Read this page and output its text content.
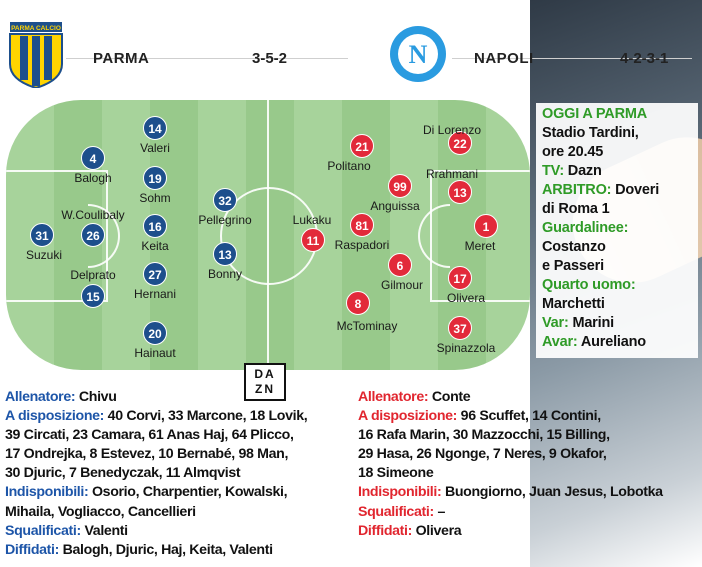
PARMA CALCIO
PARMA	3-5-2	N	NAPOLI	4-2-3-1
31
Suzuki
4
Balogh
26
W.Coulibaly
15
Delprato
14
Valeri
19
Sohm
16
Keita
27
Hernani
20
Hainaut
32
Pellegrino
13
Bonny
1
Meret
22
Di Lorenzo
13
Rrahmani
17
Olivera
37
Spinazzola
99
Anguissa
6
Gilmour
21
Politano
81
Raspadori
8
McTominay
11
Lukaku
DA
ZN
OGGI A PARMA
Stadio Tardini,
ore 20.45
TV: Dazn
ARBITRO: Doveri
di Roma 1
Guardalinee:
Costanzo
e Passeri
Quarto uomo:
Marchetti
Var: Marini
Avar: Aureliano
Allenatore: Chivu
A disposizione: 40 Corvi, 33 Marcone, 18 Lovik,
39 Circati, 23 Camara, 61 Anas Haj, 64 Plicco,
17 Ondrejka, 8 Estevez, 10 Bernabé, 98 Man,
30 Djuric, 7 Benedyczak, 11 Almqvist
Indisponibili: Osorio, Charpentier, Kowalski,
Mihaila, Vogliacco, Cancellieri
Squalificati: Valenti
Diffidati: Balogh, Djuric, Haj, Keita, Valenti
Allenatore: Conte
A disposizione: 96 Scuffet, 14 Contini,
16 Rafa Marin, 30 Mazzocchi, 15 Billing,
29 Hasa, 26 Ngonge, 7 Neres, 9 Okafor,
18 Simeone
Indisponibili: Buongiorno, Juan Jesus, Lobotka
Squalificati: –
Diffidati: Olivera
